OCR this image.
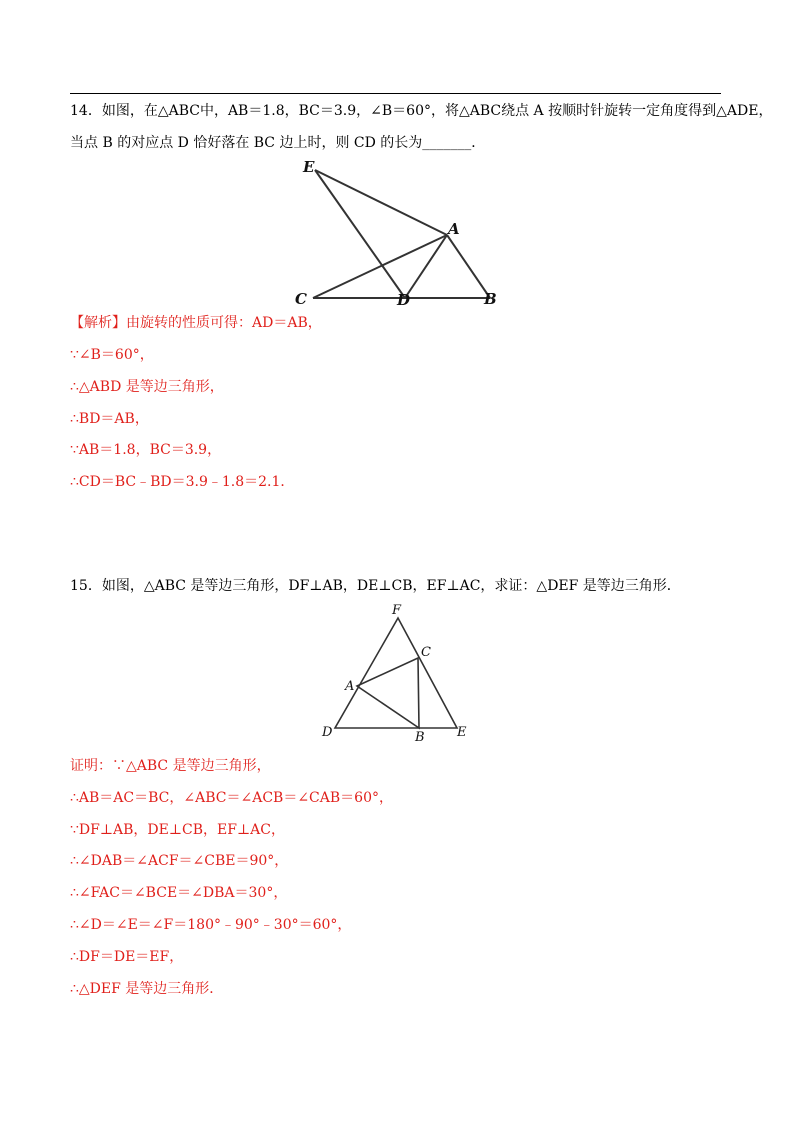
14．如图，在△ABC中，AB＝1.8，BC＝3.9，∠B＝60°，将△ABC绕点 A 按顺时针旋转一定角度得到△ADE，
当点 B 的对应点 D 恰好落在 BC 边上时，则 CD 的长为_______．
E
A
C	D	B
【解析】由旋转的性质可得：AD＝AB，
∵∠B＝60°，
∴△ABD 是等边三角形，
∴BD＝AB，
∵AB＝1.8，BC＝3.9，
∴CD＝BC﹣BD＝3.9﹣1.8＝2.1．
15．如图，△ABC 是等边三角形，DF⊥AB，DE⊥CB，EF⊥AC，求证：△DEF 是等边三角形．
F
C
A
D	B E
证明：∵△ABC 是等边三角形，
∴AB＝AC＝BC，∠ABC＝∠ACB＝∠CAB＝60°，
∵DF⊥AB，DE⊥CB，EF⊥AC，
∴∠DAB＝∠ACF＝∠CBE＝90°，
∴∠FAC＝∠BCE＝∠DBA＝30°，
∴∠D＝∠E＝∠F＝180°﹣90°﹣30°＝60°，
∴DF＝DE＝EF，
∴△DEF 是等边三角形．
